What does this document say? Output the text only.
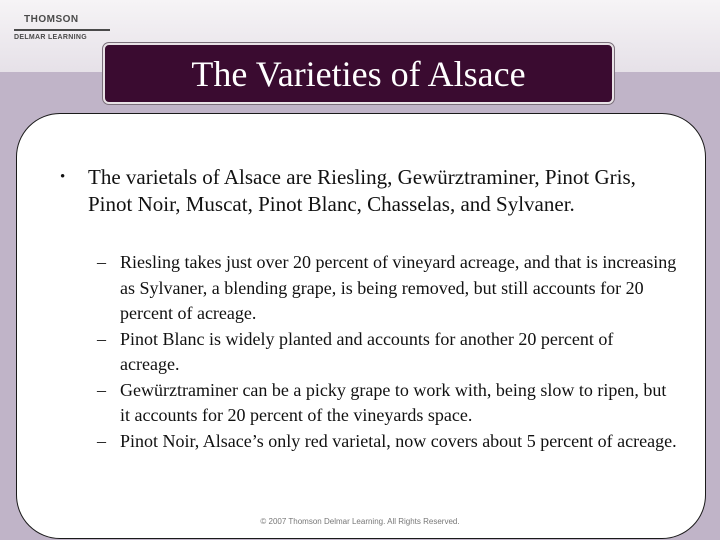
THOMSON
DELMAR LEARNING
The Varieties of Alsace
• The varietals of Alsace are Riesling, Gewürztraminer, Pinot Gris, Pinot Noir, Muscat, Pinot Blanc, Chasselas, and Sylvaner.
– Riesling takes just over 20 percent of vineyard acreage, and that is increasing as Sylvaner, a blending grape, is being removed, but still accounts for 20 percent of acreage.
– Pinot Blanc is widely planted and accounts for another 20 percent of acreage.
– Gewürztraminer can be a picky grape to work with, being slow to ripen, but it accounts for 20 percent of the vineyards space.
– Pinot Noir, Alsace’s only red varietal, now covers about 5 percent of acreage.
© 2007 Thomson Delmar Learning. All Rights Reserved.
